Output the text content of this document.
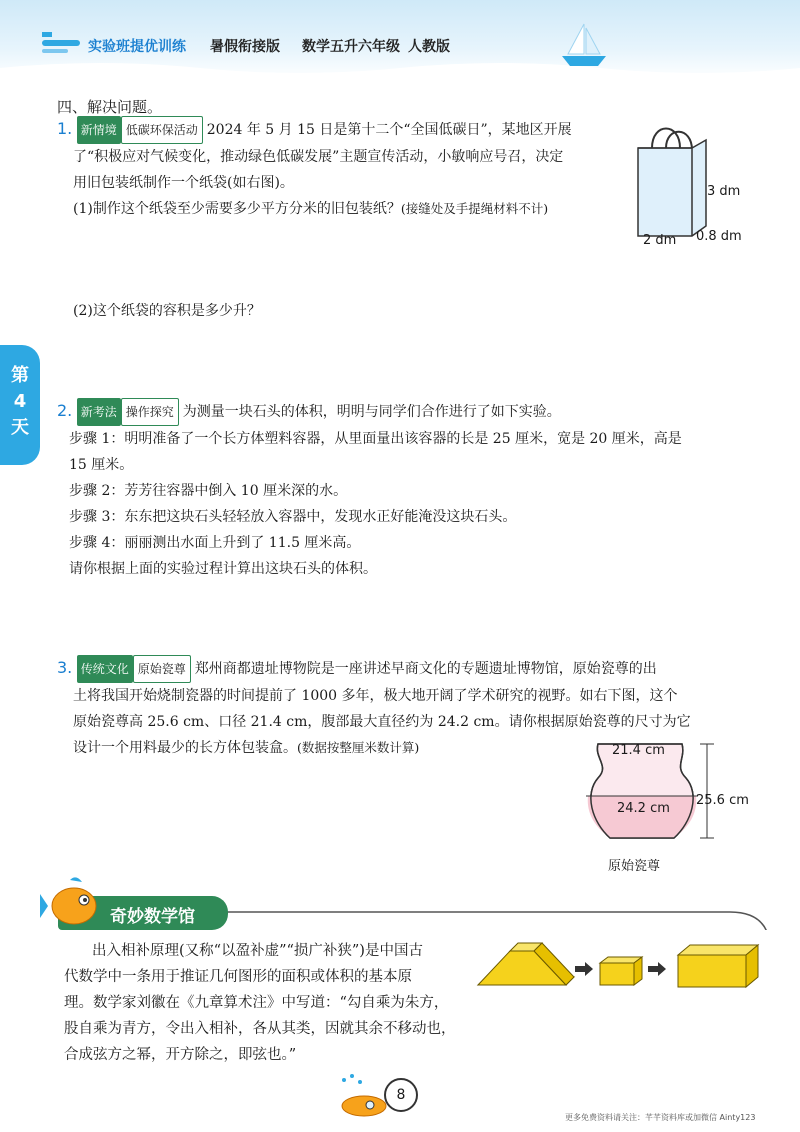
实验班提优训练 暑假衔接版 数学五升六年级 人教版
第
4
天
四、解决问题。
1. 新情境 低碳环保活动 2024 年 5 月 15 日是第十二个“全国低碳日”，某地区开展
了“积极应对气候变化，推动绿色低碳发展”主题宣传活动，小敏响应号召，决定
用旧包装纸制作一个纸袋(如右图)。
(1)制作这个纸袋至少需要多少平方分米的旧包装纸？(接缝处及手提绳材料不计)
(2)这个纸袋的容积是多少升？
3 dm
2 dm 0.8 dm
2. 新考法 操作探究 为测量一块石头的体积，明明与同学们合作进行了如下实验。
步骤 1：明明准备了一个长方体塑料容器，从里面量出该容器的长是 25 厘米，宽是 20 厘米，高是
15 厘米。
步骤 2：芳芳往容器中倒入 10 厘米深的水。
步骤 3：东东把这块石头轻轻放入容器中，发现水正好能淹没这块石头。
步骤 4：丽丽测出水面上升到了 11.5 厘米高。
请你根据上面的实验过程计算出这块石头的体积。
3. 传统文化 原始瓷尊 郑州商都遗址博物院是一座讲述早商文化的专题遗址博物馆，原始瓷尊的出
土将我国开始烧制瓷器的时间提前了 1000 多年，极大地开阔了学术研究的视野。如右下图，这个
原始瓷尊高 25.6 cm、口径 21.4 cm，腹部最大直径约为 24.2 cm。请你根据原始瓷尊的尺寸为它
设计一个用料最少的长方体包装盒。(数据按整厘米数计算)	21.4 cm
24.2 cm
25.6 cm
原始瓷尊
奇妙数学馆
出入相补原理(又称“以盈补虚”“损广补狭”)是中国古
代数学中一条用于推证几何图形的面积或体积的基本原
理。数学家刘徽在《九章算术注》中写道：“勾自乘为朱方，
股自乘为青方，令出入相补，各从其类，因就其余不移动也，
合成弦方之幂，开方除之，即弦也。”
8
更多免费资料请关注：芊芊资料库或加微信 Ainty123
